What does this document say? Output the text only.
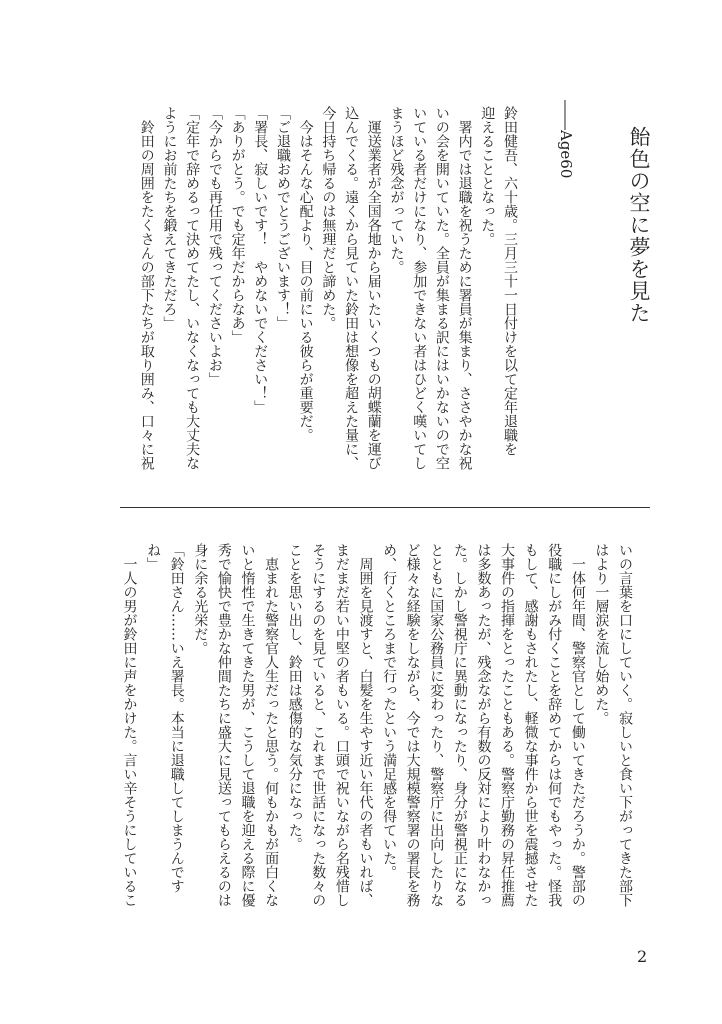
飴色の空に夢を見た
――Age60
鈴田健吾、六十歳。三月三十一日付けを以て定年退職を
迎えることとなった。
　署内では退職を祝うために署員が集まり、ささやかな祝
いの会を開いていた。全員が集まる訳にはいかないので空
いている者だけになり、参加できない者はひどく嘆いてし
まうほど残念がっていた。
　運送業者が全国各地から届いたいくつもの胡蝶蘭を運び
込んでくる。遠くから見ていた鈴田は想像を超えた量に、
今日持ち帰るのは無理だと諦めた。
　今はそんな心配より、目の前にいる彼らが重要だ。
「ご退職おめでとうございます！」
「署長、寂しいです！　やめないでください！」
「ありがとう。でも定年だからなあ」
「今からでも再任用で残ってくださいよお」
「定年で辞めるって決めてたし、いなくなっても大丈夫な
ようにお前たちを鍛えてきただろ」
　鈴田の周囲をたくさんの部下たちが取り囲み、口々に祝
いの言葉を口にしていく。寂しいと食い下がってきた部下
はより一層涙を流し始めた。
　一体何年間、警察官として働いてきただろうか。警部の
役職にしがみ付くことを辞めてからは何でもやった。怪我
もして、感謝もされたし、軽微な事件から世を震撼させた
大事件の指揮をとったこともある。警察庁勤務の昇任推薦
は多数あったが、残念ながら有数の反対により叶わなかっ
た。しかし警視庁に異動になったり、身分が警視正になる
とともに国家公務員に変わったり、警察庁に出向したりな
ど様々な経験をしながら、今では大規模警察署の署長を務
め、行くところまで行ったという満足感を得ていた。
　周囲を見渡すと、白髪を生やす近い年代の者もいれば、
まだまだ若い中堅の者もいる。口頭で祝いながら名残惜し
そうにするのを見ていると、これまで世話になった数々の
ことを思い出し、鈴田は感傷的な気分になった。
　恵まれた警察官人生だったと思う。何もかもが面白くな
いと惰性で生きてきた男が、こうして退職を迎える際に優
秀で愉快で豊かな仲間たちに盛大に見送ってもらえるのは
身に余る光栄だ。
「鈴田さん……いえ署長。本当に退職してしまうんです
ね」
　一人の男が鈴田に声をかけた。言い辛そうにしているこ
2
